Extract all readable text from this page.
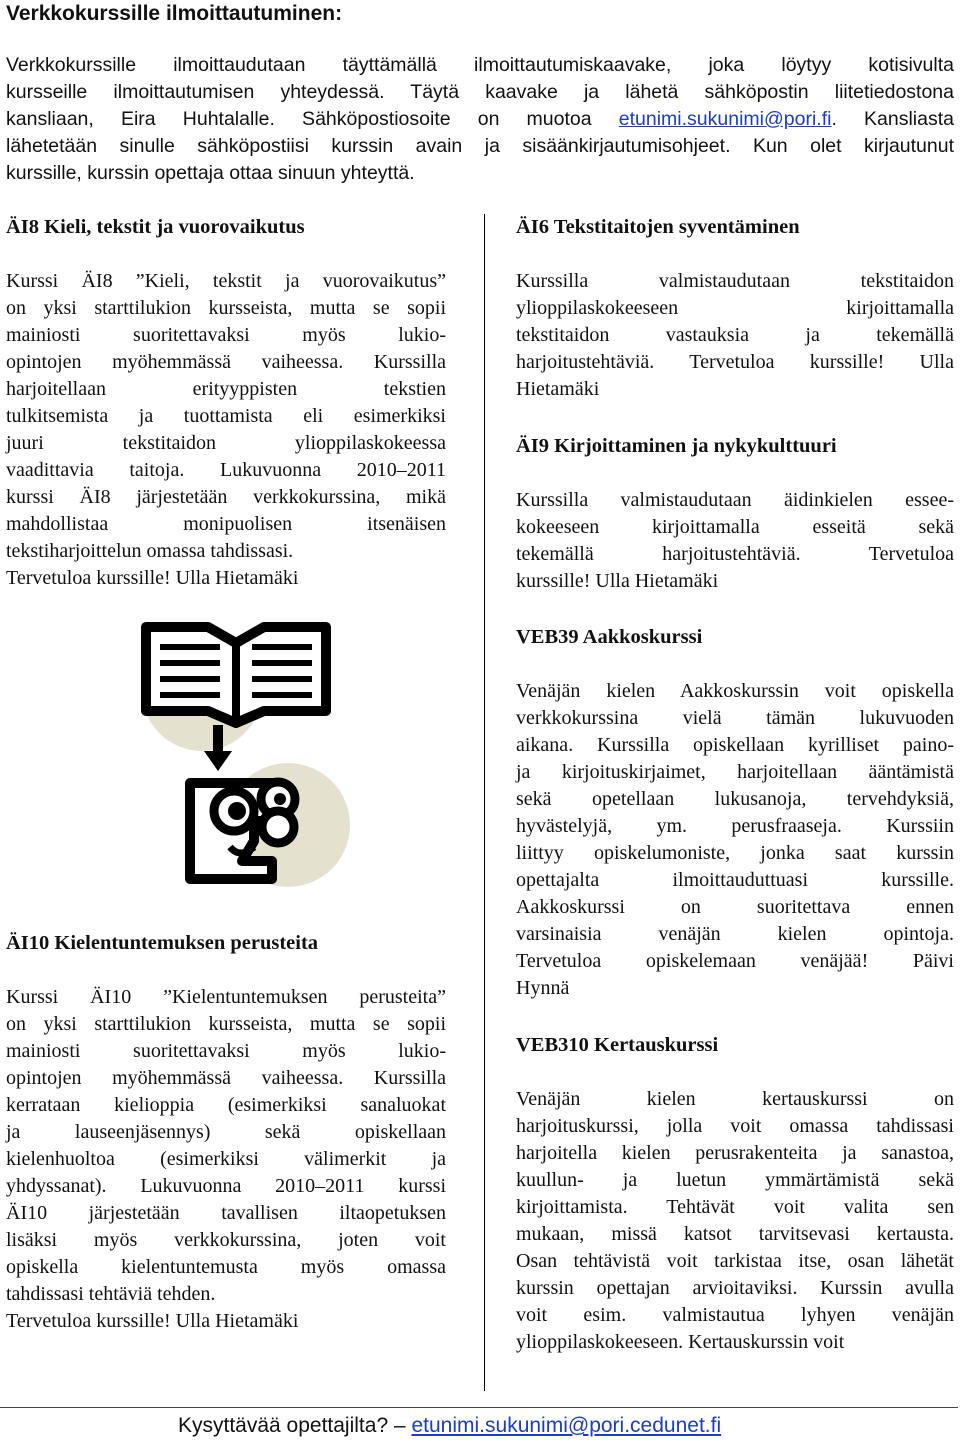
Verkkokurssille ilmoittautuminen:
Verkkokurssille ilmoittaudutaan täyttämällä ilmoittautumiskaavake, joka löytyy kotisivulta
kursseille ilmoittautumisen yhteydessä. Täytä kaavake ja lähetä sähköpostin liitetiedostona
kansliaan, Eira Huhtalalle. Sähköpostiosoite on muotoa etunimi.sukunimi@pori.fi. Kansliasta
lähetetään sinulle sähköpostiisi kurssin avain ja sisäänkirjautumisohjeet. Kun olet kirjautunut
kurssille, kurssin opettaja ottaa sinuun yhteyttä.
ÄI8 Kieli, tekstit ja vuorovaikutus
Kurssi ÄI8 ”Kieli, tekstit ja vuorovaikutus”
on yksi starttilukion kursseista, mutta se sopii
mainiosti suoritettavaksi myös lukio-
opintojen myöhemmässä vaiheessa. Kurssilla
harjoitellaan erityyppisten tekstien
tulkitsemista ja tuottamista eli esimerkiksi
juuri tekstitaidon ylioppilaskokeessa
vaadittavia taitoja. Lukuvuonna 2010–2011
kurssi ÄI8 järjestetään verkkokurssina, mikä
mahdollistaa monipuolisen itsenäisen
tekstiharjoittelun omassa tahdissasi.
Tervetuloa kurssille! Ulla Hietamäki
ÄI10 Kielentuntemuksen perusteita
Kurssi ÄI10 ”Kielentuntemuksen perusteita”
on yksi starttilukion kursseista, mutta se sopii
mainiosti suoritettavaksi myös lukio-
opintojen myöhemmässä vaiheessa. Kurssilla
kerrataan kielioppia (esimerkiksi sanaluokat
ja lauseenjäsennys) sekä opiskellaan
kielenhuoltoa (esimerkiksi välimerkit ja
yhdyssanat). Lukuvuonna 2010–2011 kurssi
ÄI10 järjestetään tavallisen iltaopetuksen
lisäksi myös verkkokurssina, joten voit
opiskella kielentuntemusta myös omassa
tahdissasi tehtäviä tehden.
Tervetuloa kurssille! Ulla Hietamäki
ÄI6 Tekstitaitojen syventäminen
Kurssilla valmistaudutaan tekstitaidon
ylioppilaskokeeseen kirjoittamalla
tekstitaidon vastauksia ja tekemällä
harjoitustehtäviä. Tervetuloa kurssille! Ulla
Hietamäki
ÄI9 Kirjoittaminen ja nykykulttuuri
Kurssilla valmistaudutaan äidinkielen essee-
kokeeseen kirjoittamalla esseitä sekä
tekemällä harjoitustehtäviä. Tervetuloa
kurssille! Ulla Hietamäki
VEB39 Aakkoskurssi
Venäjän kielen Aakkoskurssin voit opiskella
verkkokurssina vielä tämän lukuvuoden
aikana. Kurssilla opiskellaan kyrilliset paino-
ja kirjoituskirjaimet, harjoitellaan ääntämistä
sekä opetellaan lukusanoja, tervehdyksiä,
hyvästelyjä, ym. perusfraaseja. Kurssiin
liittyy opiskelumoniste, jonka saat kurssin
opettajalta ilmoittauduttuasi kurssille.
Aakkoskurssi on suoritettava ennen
varsinaisia venäjän kielen opintoja.
Tervetuloa opiskelemaan venäjää! Päivi
Hynnä
VEB310 Kertauskurssi
Venäjän kielen kertauskurssi on
harjoituskurssi, jolla voit omassa tahdissasi
harjoitella kielen perusrakenteita ja sanastoa,
kuullun- ja luetun ymmärtämistä sekä
kirjoittamista. Tehtävät voit valita sen
mukaan, missä katsot tarvitsevasi kertausta.
Osan tehtävistä voit tarkistaa itse, osan lähetät
kurssin opettajan arvioitaviksi. Kurssin avulla
voit esim. valmistautua lyhyen venäjän
ylioppilaskokeeseen. Kertauskurssin voit
Kysyttävää opettajilta? – etunimi.sukunimi@pori.cedunet.fi
